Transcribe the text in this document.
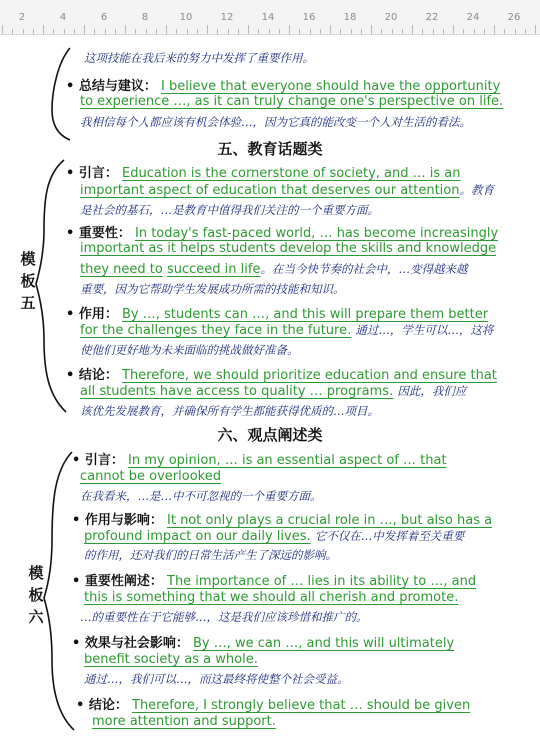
2	4	6	8	10	12	14	16	18	20	22	24	26
这项技能在我后来的努力中发挥了重要作用。
• 总结与建议： I believe that everyone should have the opportunity
to experience …, as it can truly change one's perspective on life.
我相信每个人都应该有机会体验…，因为它真的能改变一个人对生活的看法。
五、教育话题类
模
板
五
• 引言： Education is the cornerstone of society, and … is an
important aspect of education that deserves our attention。教育
是社会的基石，…是教育中值得我们关注的一个重要方面。
• 重要性： In today's fast-paced world, … has become increasingly
important as it helps students develop the skills and knowledge
they need to succeed in life。在当今快节奏的社会中，…变得越来越
重要，因为它帮助学生发展成功所需的技能和知识。
• 作用： By …, students can …, and this will prepare them better
for the challenges they face in the future. 通过…，学生可以…，这将
使他们更好地为未来面临的挑战做好准备。
• 结论： Therefore, we should prioritize education and ensure that
all students have access to quality … programs. 因此，我们应
该优先发展教育，并确保所有学生都能获得优质的…项目。
六、观点阐述类
模
板
六
• 引言： In my opinion, … is an essential aspect of … that
cannot be overlooked
在我看来，…是…中不可忽视的一个重要方面。
• 作用与影响： It not only plays a crucial role in …, but also has a
profound impact on our daily lives. 它不仅在…中发挥着至关重要
的作用，还对我们的日常生活产生了深远的影响。
• 重要性阐述： The importance of … lies in its ability to …, and
this is something that we should all cherish and promote.
…的重要性在于它能够…，这是我们应该珍惜和推广的。
• 效果与社会影响： By …, we can …, and this will ultimately
benefit society as a whole.
通过…，我们可以…，而这最终将使整个社会受益。
• 结论： Therefore, I strongly believe that … should be given
more attention and support.
